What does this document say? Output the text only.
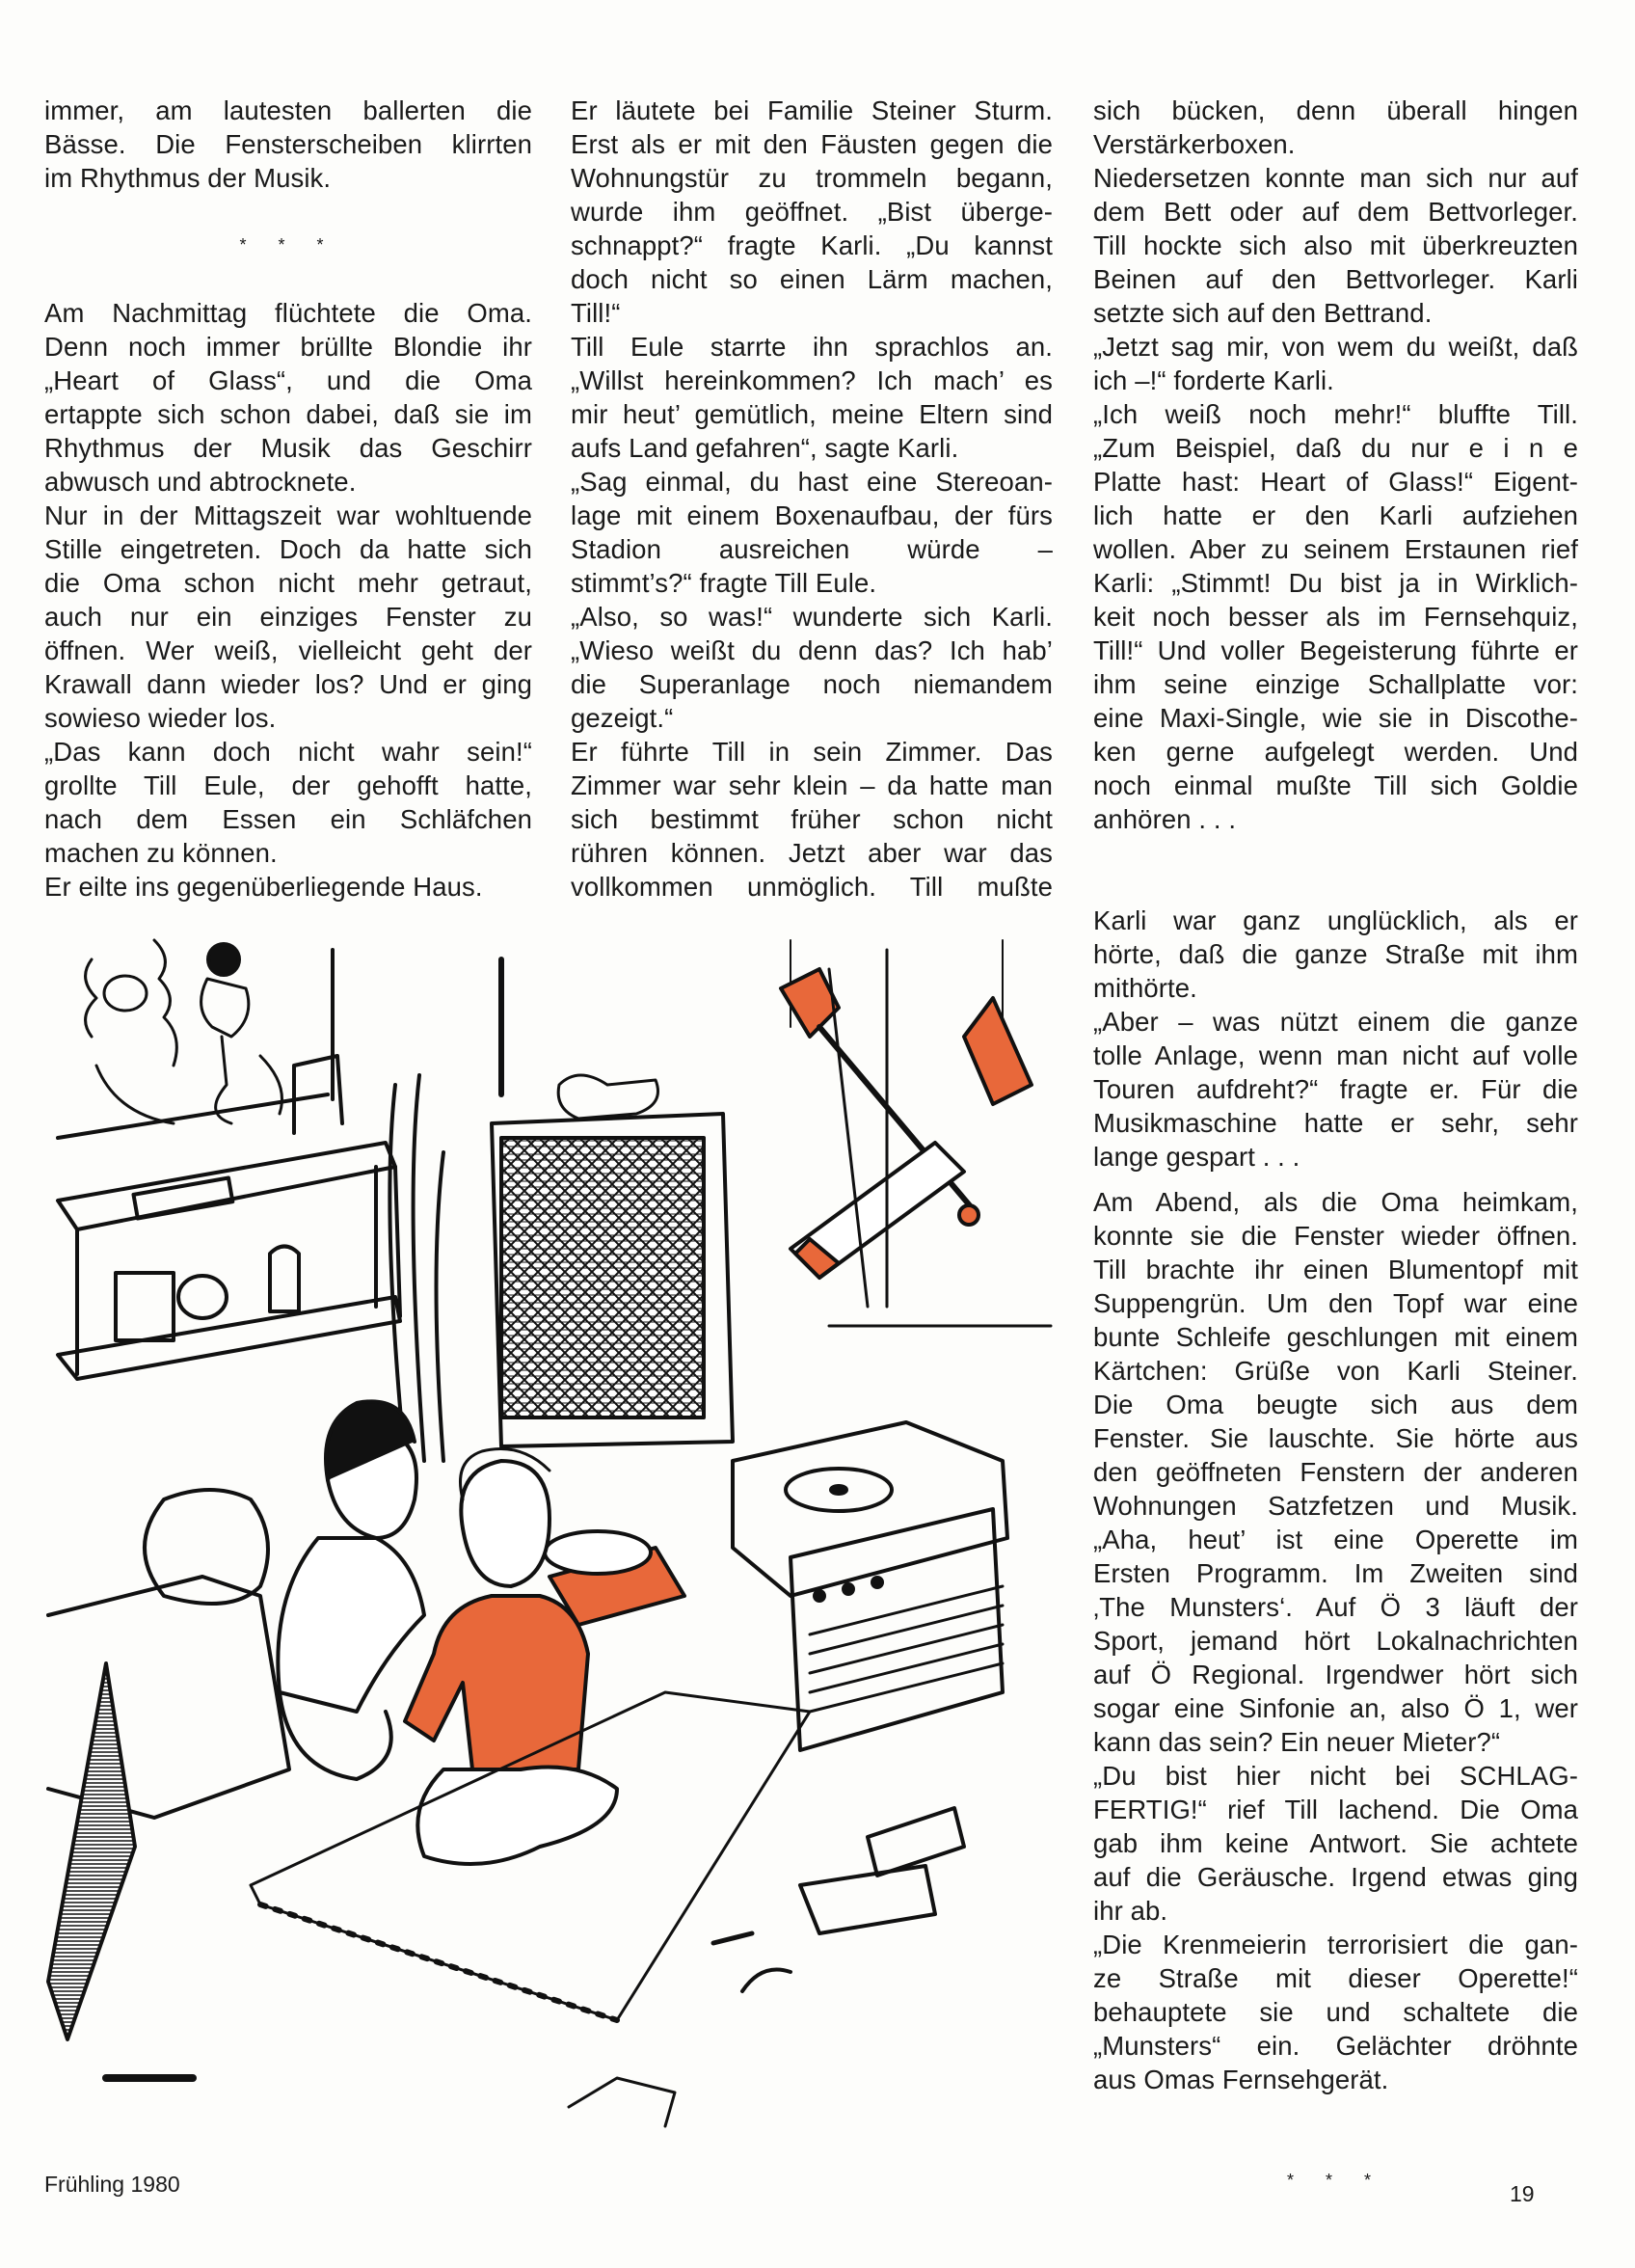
immer, am lautesten ballerten die
Bässe. Die Fensterscheiben klirrten
im Rhythmus der Musik.
* * *
Am Nachmittag flüchtete die Oma.
Denn noch immer brüllte Blondie ihr
„Heart of Glass“, und die Oma
ertappte sich schon dabei, daß sie im
Rhythmus der Musik das Geschirr
abwusch und abtrocknete.
Nur in der Mittagszeit war wohltuende
Stille eingetreten. Doch da hatte sich
die Oma schon nicht mehr getraut,
auch nur ein einziges Fenster zu
öffnen. Wer weiß, vielleicht geht der
Krawall dann wieder los? Und er ging
sowieso wieder los.
„Das kann doch nicht wahr sein!“
grollte Till Eule, der gehofft hatte,
nach dem Essen ein Schläfchen
machen zu können.
Er eilte ins gegenüberliegende Haus.
Er läutete bei Familie Steiner Sturm.
Erst als er mit den Fäusten gegen die
Wohnungstür zu trommeln begann,
wurde ihm geöffnet. „Bist überge-
schnappt?“ fragte Karli. „Du kannst
doch nicht so einen Lärm machen,
Till!“
Till Eule starrte ihn sprachlos an.
„Willst hereinkommen? Ich mach’ es
mir heut’ gemütlich, meine Eltern sind
aufs Land gefahren“, sagte Karli.
„Sag einmal, du hast eine Stereoan-
lage mit einem Boxenaufbau, der fürs
Stadion ausreichen würde –
stimmt’s?“ fragte Till Eule.
„Also, so was!“ wunderte sich Karli.
„Wieso weißt du denn das? Ich hab’
die Superanlage noch niemandem
gezeigt.“
Er führte Till in sein Zimmer. Das
Zimmer war sehr klein – da hatte man
sich bestimmt früher schon nicht
rühren können. Jetzt aber war das
vollkommen unmöglich. Till mußte
sich bücken, denn überall hingen
Verstärkerboxen.
Niedersetzen konnte man sich nur auf
dem Bett oder auf dem Bettvorleger.
Till hockte sich also mit überkreuzten
Beinen auf den Bettvorleger. Karli
setzte sich auf den Bettrand.
„Jetzt sag mir, von wem du weißt, daß
ich –!“ forderte Karli.
„Ich weiß noch mehr!“ bluffte Till.
„Zum Beispiel, daß du nur e i n e
Platte hast: Heart of Glass!“ Eigent-
lich hatte er den Karli aufziehen
wollen. Aber zu seinem Erstaunen rief
Karli: „Stimmt! Du bist ja in Wirklich-
keit noch besser als im Fernsehquiz,
Till!“ Und voller Begeisterung führte er
ihm seine einzige Schallplatte vor:
eine Maxi-Single, wie sie in Discothe-
ken gerne aufgelegt werden. Und
noch einmal mußte Till sich Goldie
anhören . . .
Karli war ganz unglücklich, als er
hörte, daß die ganze Straße mit ihm
mithörte.
„Aber – was nützt einem die ganze
tolle Anlage, wenn man nicht auf volle
Touren aufdreht?“ fragte er. Für die
Musikmaschine hatte er sehr, sehr
lange gespart . . .
Am Abend, als die Oma heimkam,
konnte sie die Fenster wieder öffnen.
Till brachte ihr einen Blumentopf mit
Suppengrün. Um den Topf war eine
bunte Schleife geschlungen mit einem
Kärtchen: Grüße von Karli Steiner.
Die Oma beugte sich aus dem
Fenster. Sie lauschte. Sie hörte aus
den geöffneten Fenstern der anderen
Wohnungen Satzfetzen und Musik.
„Aha, heut’ ist eine Operette im
Ersten Programm. Im Zweiten sind
‚The Munsters‘. Auf Ö 3 läuft der
Sport, jemand hört Lokalnachrichten
auf Ö Regional. Irgendwer hört sich
sogar eine Sinfonie an, also Ö 1, wer
kann das sein? Ein neuer Mieter?“
„Du bist hier nicht bei SCHLAG-
FERTIG!“ rief Till lachend. Die Oma
gab ihm keine Antwort. Sie achtete
auf die Geräusche. Irgend etwas ging
ihr ab.
„Die Krenmeierin terrorisiert die gan-
ze Straße mit dieser Operette!“
behauptete sie und schaltete die
„Munsters“ ein. Gelächter dröhnte
aus Omas Fernsehgerät.
* * *
Frühling 1980	19
